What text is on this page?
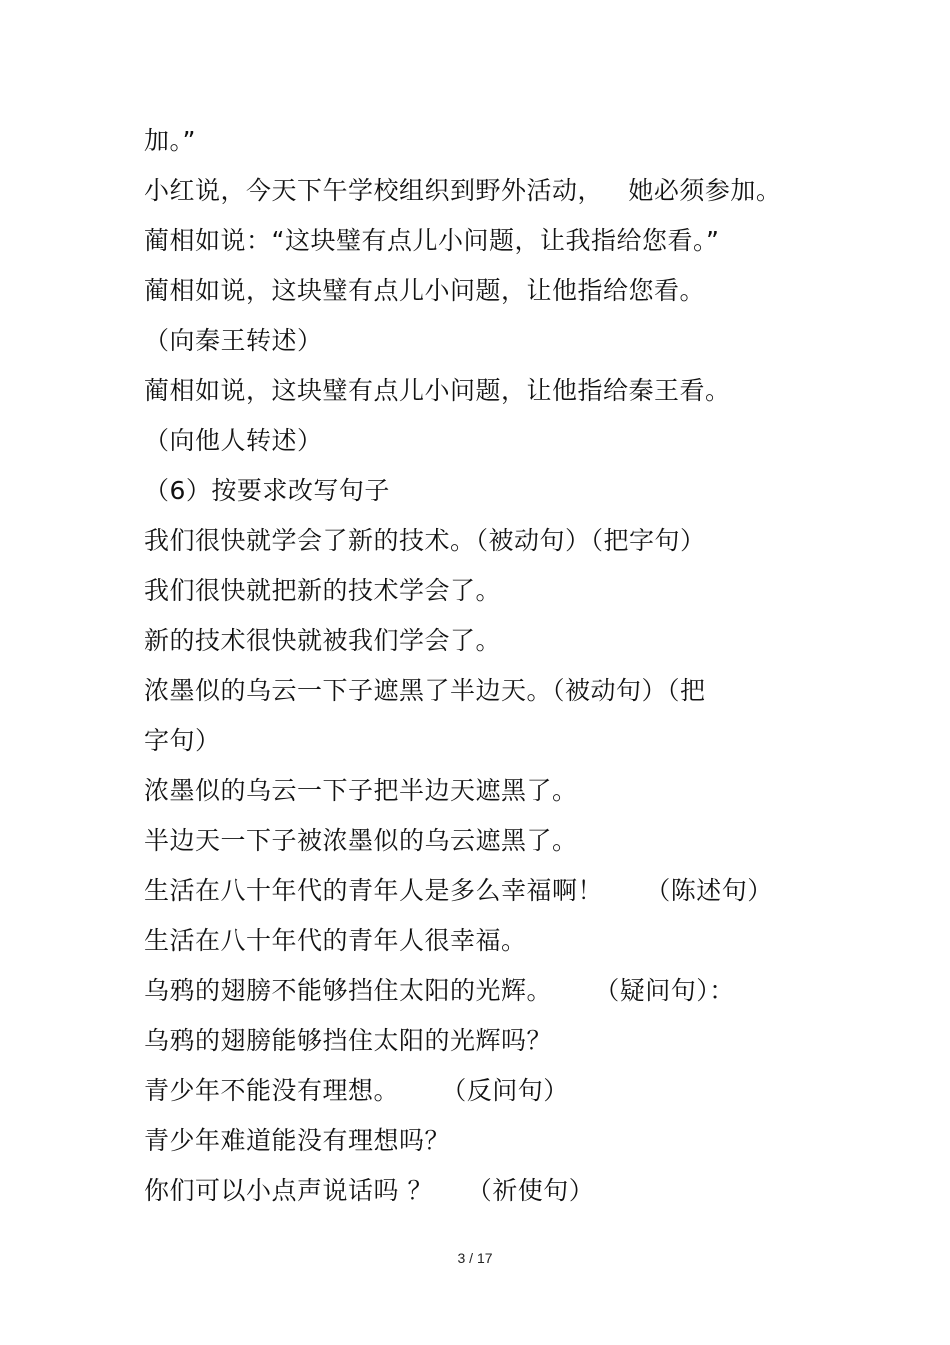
加。”
小红说，今天下午学校组织到野外活动，   她必须参加。
蔺相如说：“这块璧有点儿小问题，让我指给您看。”
蔺相如说，这块璧有点儿小问题，让他指给您看。
（向秦王转述）
蔺相如说，这块璧有点儿小问题，让他指给秦王看。
（向他人转述）
（6）按要求改写句子
我们很快就学会了新的技术。（被动句）（把字句）
我们很快就把新的技术学会了。
新的技术很快就被我们学会了。
浓墨似的乌云一下子遮黑了半边天。（被动句）（把
字句）
浓墨似的乌云一下子把半边天遮黑了。
半边天一下子被浓墨似的乌云遮黑了。
生活在八十年代的青年人是多么幸福啊！     （陈述句）
生活在八十年代的青年人很幸福。
乌鸦的翅膀不能够挡住太阳的光辉。     （疑问句）：
乌鸦的翅膀能够挡住太阳的光辉吗？
青少年不能没有理想。     （反问句）
青少年难道能没有理想吗？
你们可以小点声说话吗 ？    （祈使句）
3 / 17
